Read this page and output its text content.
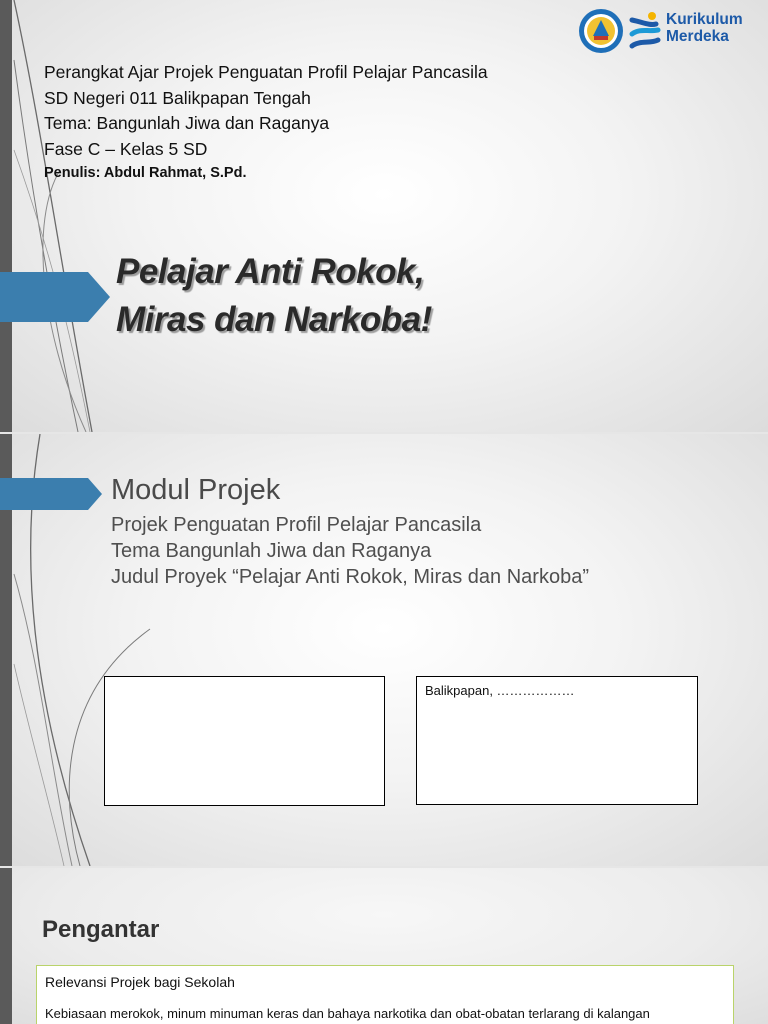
Kurikulum
Merdeka
Perangkat Ajar Projek Penguatan Profil Pelajar Pancasila
SD Negeri 011 Balikpapan Tengah
Tema: Bangunlah Jiwa dan Raganya
Fase C – Kelas 5 SD
Penulis: Abdul Rahmat, S.Pd.
Pelajar Anti Rokok,
Miras dan Narkoba!
Modul Projek
Projek Penguatan Profil Pelajar Pancasila
Tema Bangunlah Jiwa dan Raganya
Judul Proyek “Pelajar Anti Rokok, Miras dan Narkoba”
Balikpapan, ………………
Pengantar
Relevansi Projek bagi Sekolah
Kebiasaan merokok, minum minuman keras dan bahaya narkotika dan obat-obatan terlarang di kalangan
